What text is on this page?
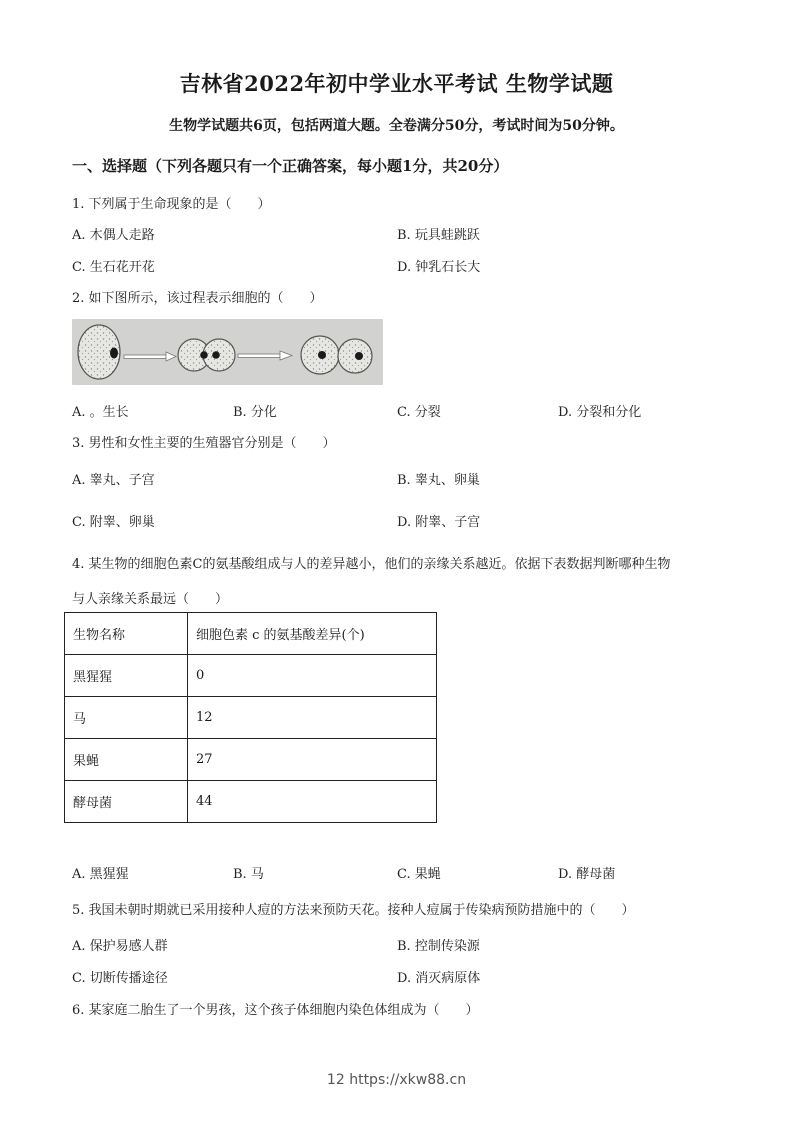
吉林省2022年初中学业水平考试 生物学试题
生物学试题共6页，包括两道大题。全卷满分50分，考试时间为50分钟。
一、选择题（下列各题只有一个正确答案，每小题1分，共20分）
1. 下列属于生命现象的是（　　）
A. 木偶人走路	B. 玩具蛙跳跃
C. 生石花开花	D. 钟乳石长大
2. 如下图所示，该过程表示细胞的（　　）
A. 。生长	B. 分化	C. 分裂	D. 分裂和分化
3. 男性和女性主要的生殖器官分别是（　　）
A. 睾丸、子宫	B. 睾丸、卵巢
C. 附睾、卵巢	D. 附睾、子宫
4. 某生物的细胞色素C的氨基酸组成与人的差异越小，他们的亲缘关系越近。依据下表数据判断哪种生物
与人亲缘关系最远（　　）
生物名称	细胞色素 c 的氨基酸差异(个)
黑猩猩	0
马	12
果蝇	27
酵母菌	44
A. 黑猩猩	B. 马	C. 果蝇	D. 酵母菌
5. 我国未朝时期就已采用接种人痘的方法来预防天花。接种人痘属于传染病预防措施中的（　　）
A. 保护易感人群	B. 控制传染源
C. 切断传播途径	D. 消灭病原体
6. 某家庭二胎生了一个男孩，这个孩子体细胞内染色体组成为（　　）
12 https://xkw88.cn
